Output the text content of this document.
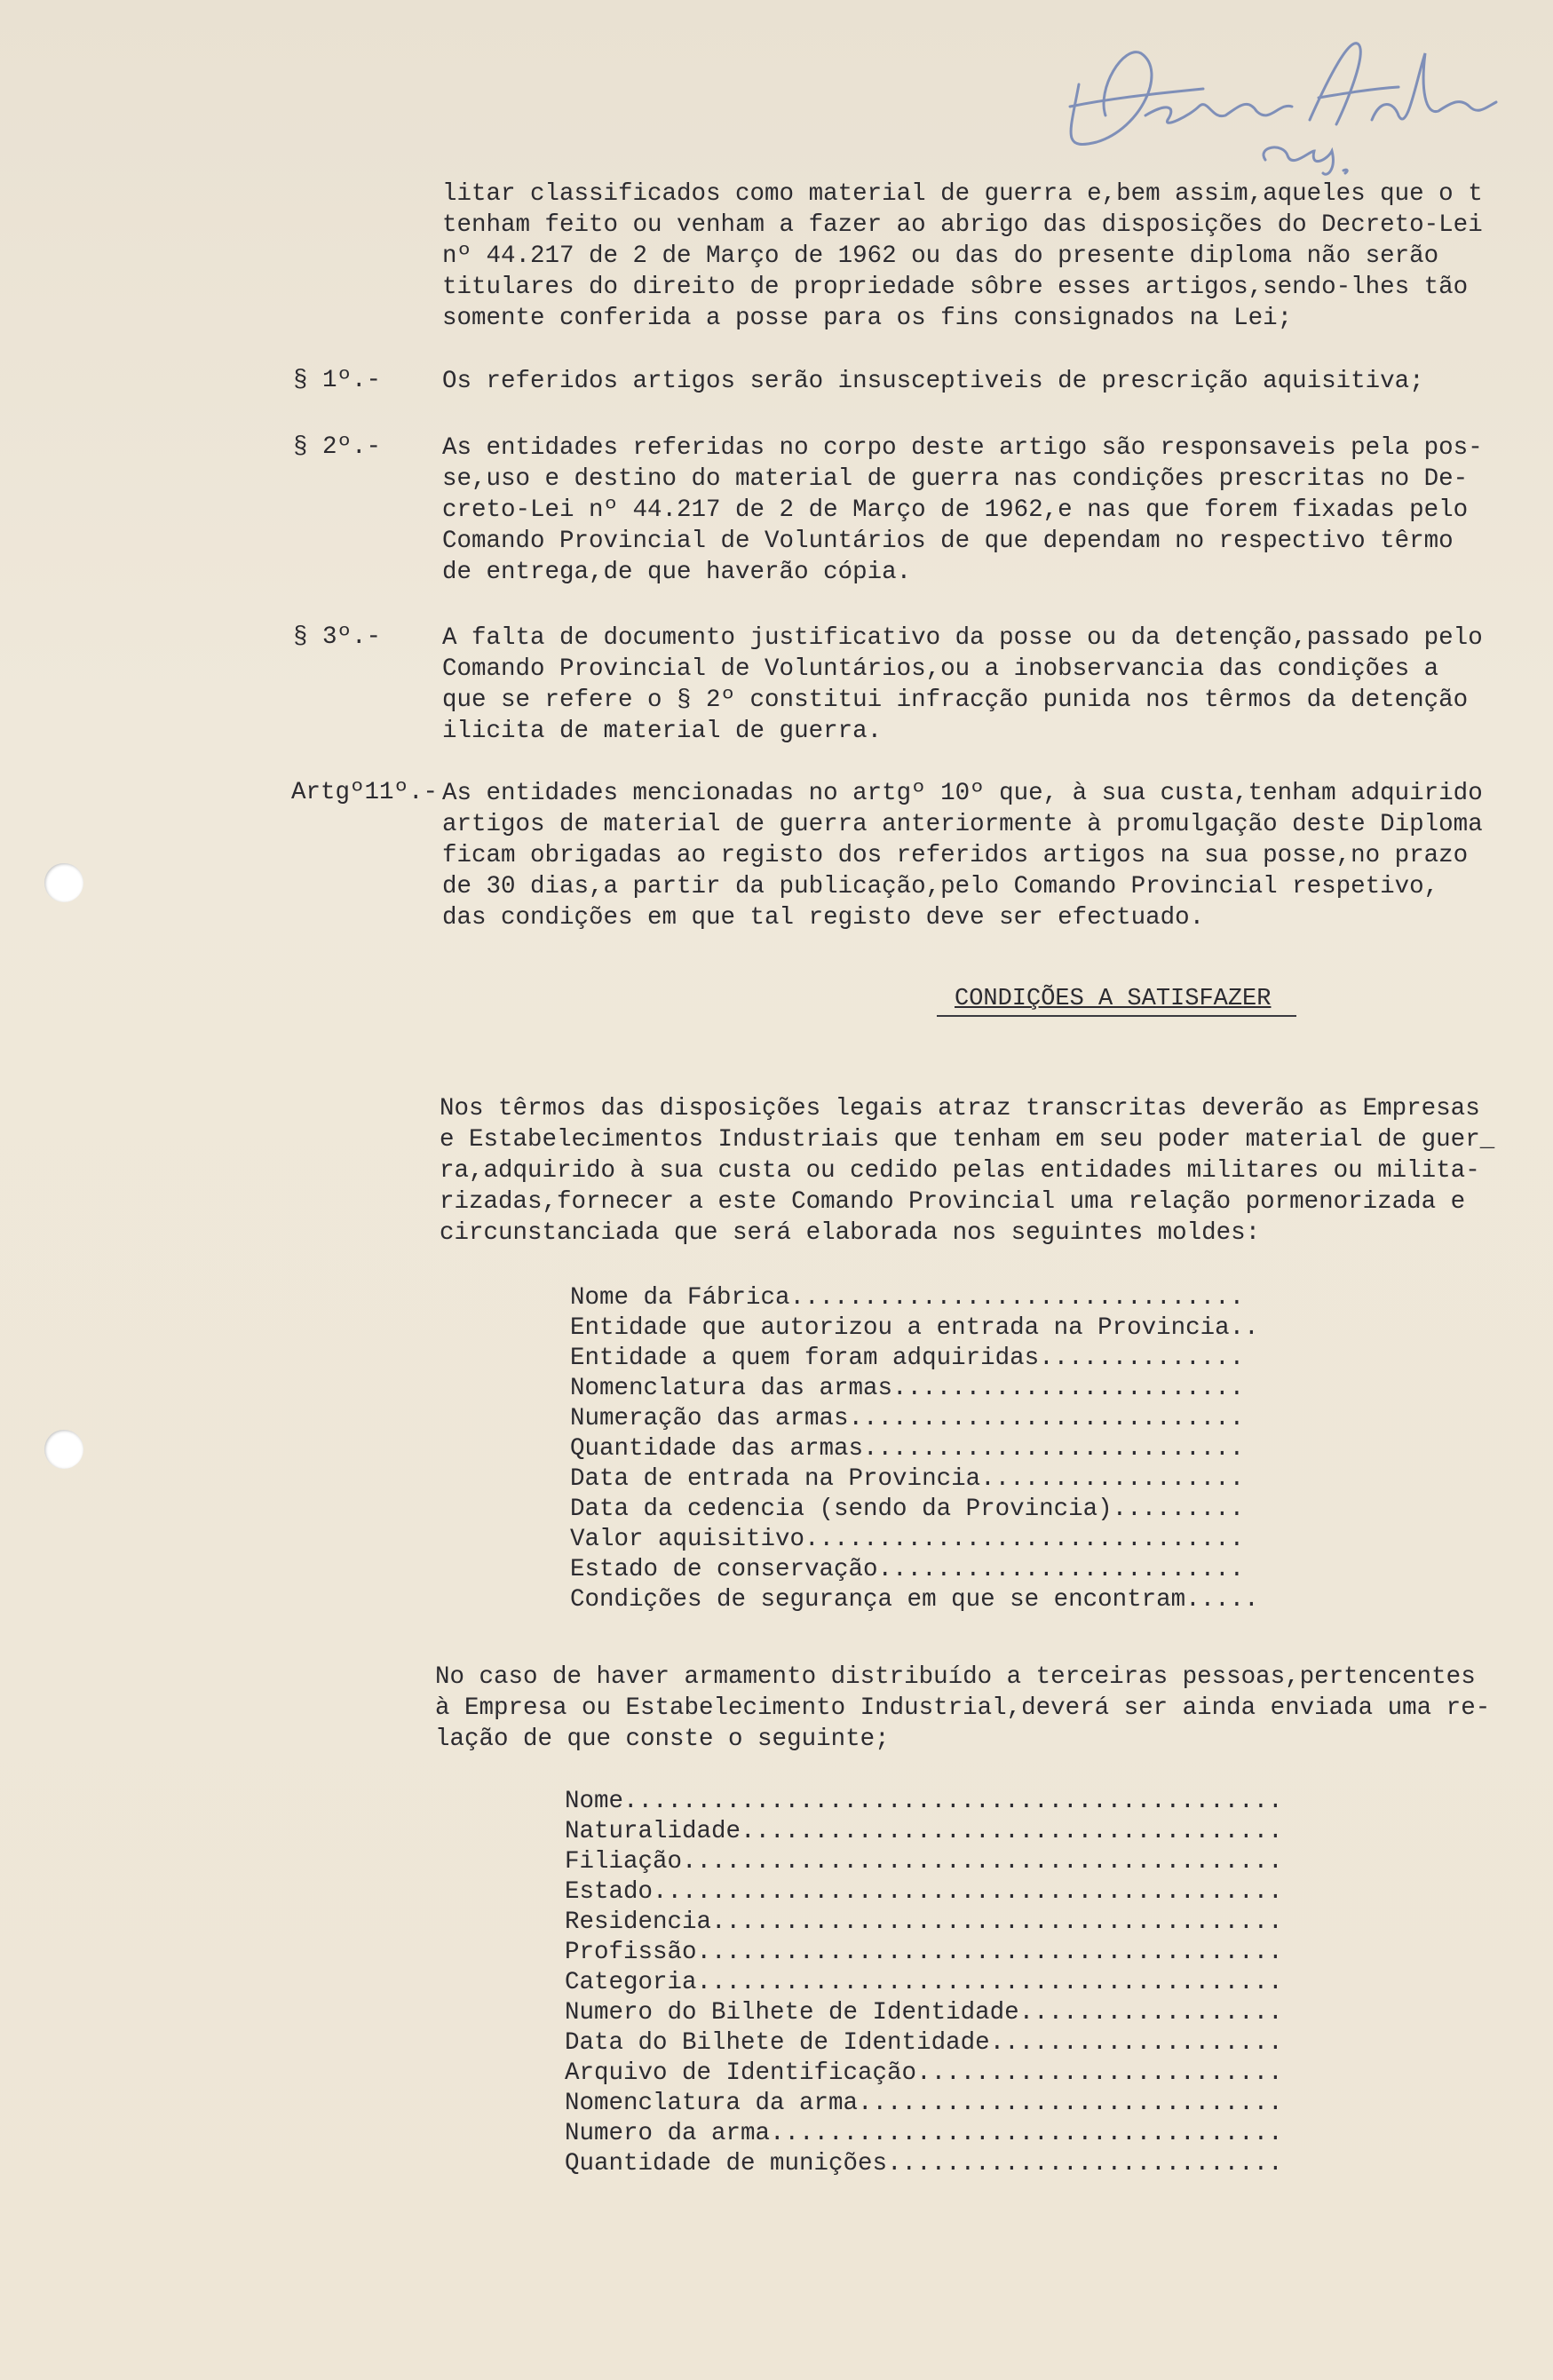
litar classificados como material de guerra e,bem assim,aqueles que o t
tenham feito ou venham a fazer ao abrigo das disposições do Decreto-Lei
nº 44.217 de 2 de Março de 1962 ou das do presente diploma não serão
titulares do direito de propriedade sôbre esses artigos,sendo-lhes tão
somente conferida a posse para os fins consignados na Lei;
§ 1º.-	Os referidos artigos serão insusceptiveis de prescrição aquisitiva;
§ 2º.-	As entidades referidas no corpo deste artigo são responsaveis pela pos-
se,uso e destino do material de guerra nas condições prescritas no De-
creto-Lei nº 44.217 de 2 de Março de 1962,e nas que forem fixadas pelo
Comando Provincial de Voluntários de que dependam no respectivo têrmo
de entrega,de que haverão cópia.
§ 3º.-	A falta de documento justificativo da posse ou da detenção,passado pelo
Comando Provincial de Voluntários,ou a inobservancia das condições a
que se refere o § 2º constitui infracção punida nos têrmos da detenção
ilicita de material de guerra.
Artgº11º.- As entidades mencionadas no artgº 10º que, à sua custa,tenham adquirido
artigos de material de guerra anteriormente à promulgação deste Diploma
ficam obrigadas ao registo dos referidos artigos na sua posse,no prazo
de 30 dias,a partir da publicação,pelo Comando Provincial respetivo,
das condições em que tal registo deve ser efectuado.
CONDIÇÕES A SATISFAZER
Nos têrmos das disposições legais atraz transcritas deverão as Empresas
e Estabelecimentos Industriais que tenham em seu poder material de guer_
ra,adquirido à sua custa ou cedido pelas entidades militares ou milita-
rizadas,fornecer a este Comando Provincial uma relação pormenorizada e
circunstanciada que será elaborada nos seguintes moldes:
Nome da Fábrica...............................
Entidade que autorizou a entrada na Provincia..
Entidade a quem foram adquiridas..............
Nomenclatura das armas........................
Numeração das armas...........................
Quantidade das armas..........................
Data de entrada na Provincia..................
Data da cedencia (sendo da Provincia).........
Valor aquisitivo..............................
Estado de conservação.........................
Condições de segurança em que se encontram.....
No caso de haver armamento distribuído a terceiras pessoas,pertencentes
à Empresa ou Estabelecimento Industrial,deverá ser ainda enviada uma re-
lação de que conste o seguinte;
Nome.............................................
Naturalidade.....................................
Filiação.........................................
Estado...........................................
Residencia.......................................
Profissão........................................
Categoria........................................
Numero do Bilhete de Identidade..................
Data do Bilhete de Identidade....................
Arquivo de Identificação.........................
Nomenclatura da arma.............................
Numero da arma...................................
Quantidade de munições...........................
